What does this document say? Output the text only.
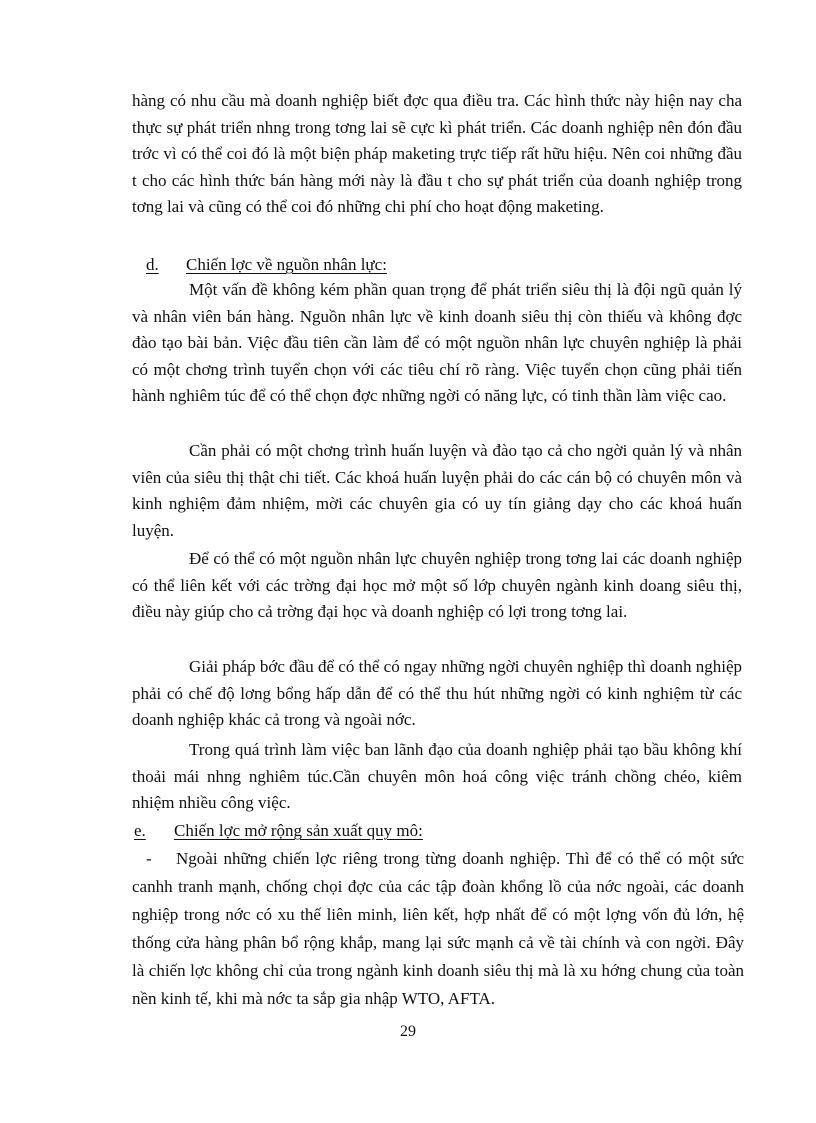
hàng có nhu cầu mà doanh nghiệp biết đợc qua điều tra. Các hình thức này hiện nay cha thực sự phát triển nhng trong tơng lai sẽ cực kì phát triển. Các doanh nghiệp nên đón đầu trớc vì có thể coi đó là một biện pháp maketing trực tiếp rất hữu hiệu. Nên coi những đầu t cho các hình thức bán hàng mới này là đầu t cho sự phát triển của doanh nghiệp trong tơng lai và cũng có thể coi đó những chi phí cho hoạt động maketing.

d. Chiến lợc về nguồn nhân lực:

Một vấn đề không kém phần quan trọng để phát triển siêu thị là đội ngũ quản lý và nhân viên bán hàng. Nguồn nhân lực về kinh doanh siêu thị còn thiếu và không đợc đào tạo bài bản. Việc đầu tiên cần làm để có một nguồn nhân lực chuyên nghiệp là phải có một chơng trình tuyển chọn với các tiêu chí rõ ràng. Việc tuyển chọn cũng phải tiến hành nghiêm túc để có thể chọn đợc những ngời có năng lực, có tinh thần làm việc cao.

Cần phải có một chơng trình huấn luyện và đào tạo cả cho ngời quản lý và nhân viên của siêu thị thật chi tiết. Các khoá huấn luyện phải do các cán bộ có chuyên môn và kinh nghiệm đảm nhiệm, mời các chuyên gia có uy tín giảng dạy cho các khoá huấn luyện.

Để có thể có một nguồn nhân lực chuyên nghiệp trong tơng lai các doanh nghiệp có thể liên kết với các trờng đại học mở một số lớp chuyên ngành kinh doang siêu thị, điều này giúp cho cả trờng đại học và doanh nghiệp có lợi trong tơng lai.

Giải pháp bớc đầu để có thể có ngay những ngời chuyên nghiệp thì doanh nghiệp phải có chế độ lơng bổng hấp dẫn để có thể thu hút những ngời có kinh nghiệm từ các doanh nghiệp khác cả trong và ngoài nớc.

Trong quá trình làm việc ban lãnh đạo của doanh nghiệp phải tạo bầu không khí thoải mái nhng nghiêm túc.Cần chuyên môn hoá công việc tránh chồng chéo, kiêm nhiệm nhiều công việc.

e. Chiến lợc mở rộng sản xuất quy mô:

- Ngoài những chiến lợc riêng trong từng doanh nghiệp. Thì để có thể có một sức canhh tranh mạnh, chống chọi đợc của các tập đoàn khổng lồ của nớc ngoài, các doanh nghiệp trong nớc có xu thế liên minh, liên kết, hợp nhất để có một lợng vốn đủ lớn, hệ thống cửa hàng phân bổ rộng khắp, mang lại sức mạnh cả về tài chính và con ngời. Đây là chiến lợc không chỉ của trong ngành kinh doanh siêu thị mà là xu hớng chung của toàn nền kinh tế, khi mà nớc ta sắp gia nhập WTO, AFTA.

29
